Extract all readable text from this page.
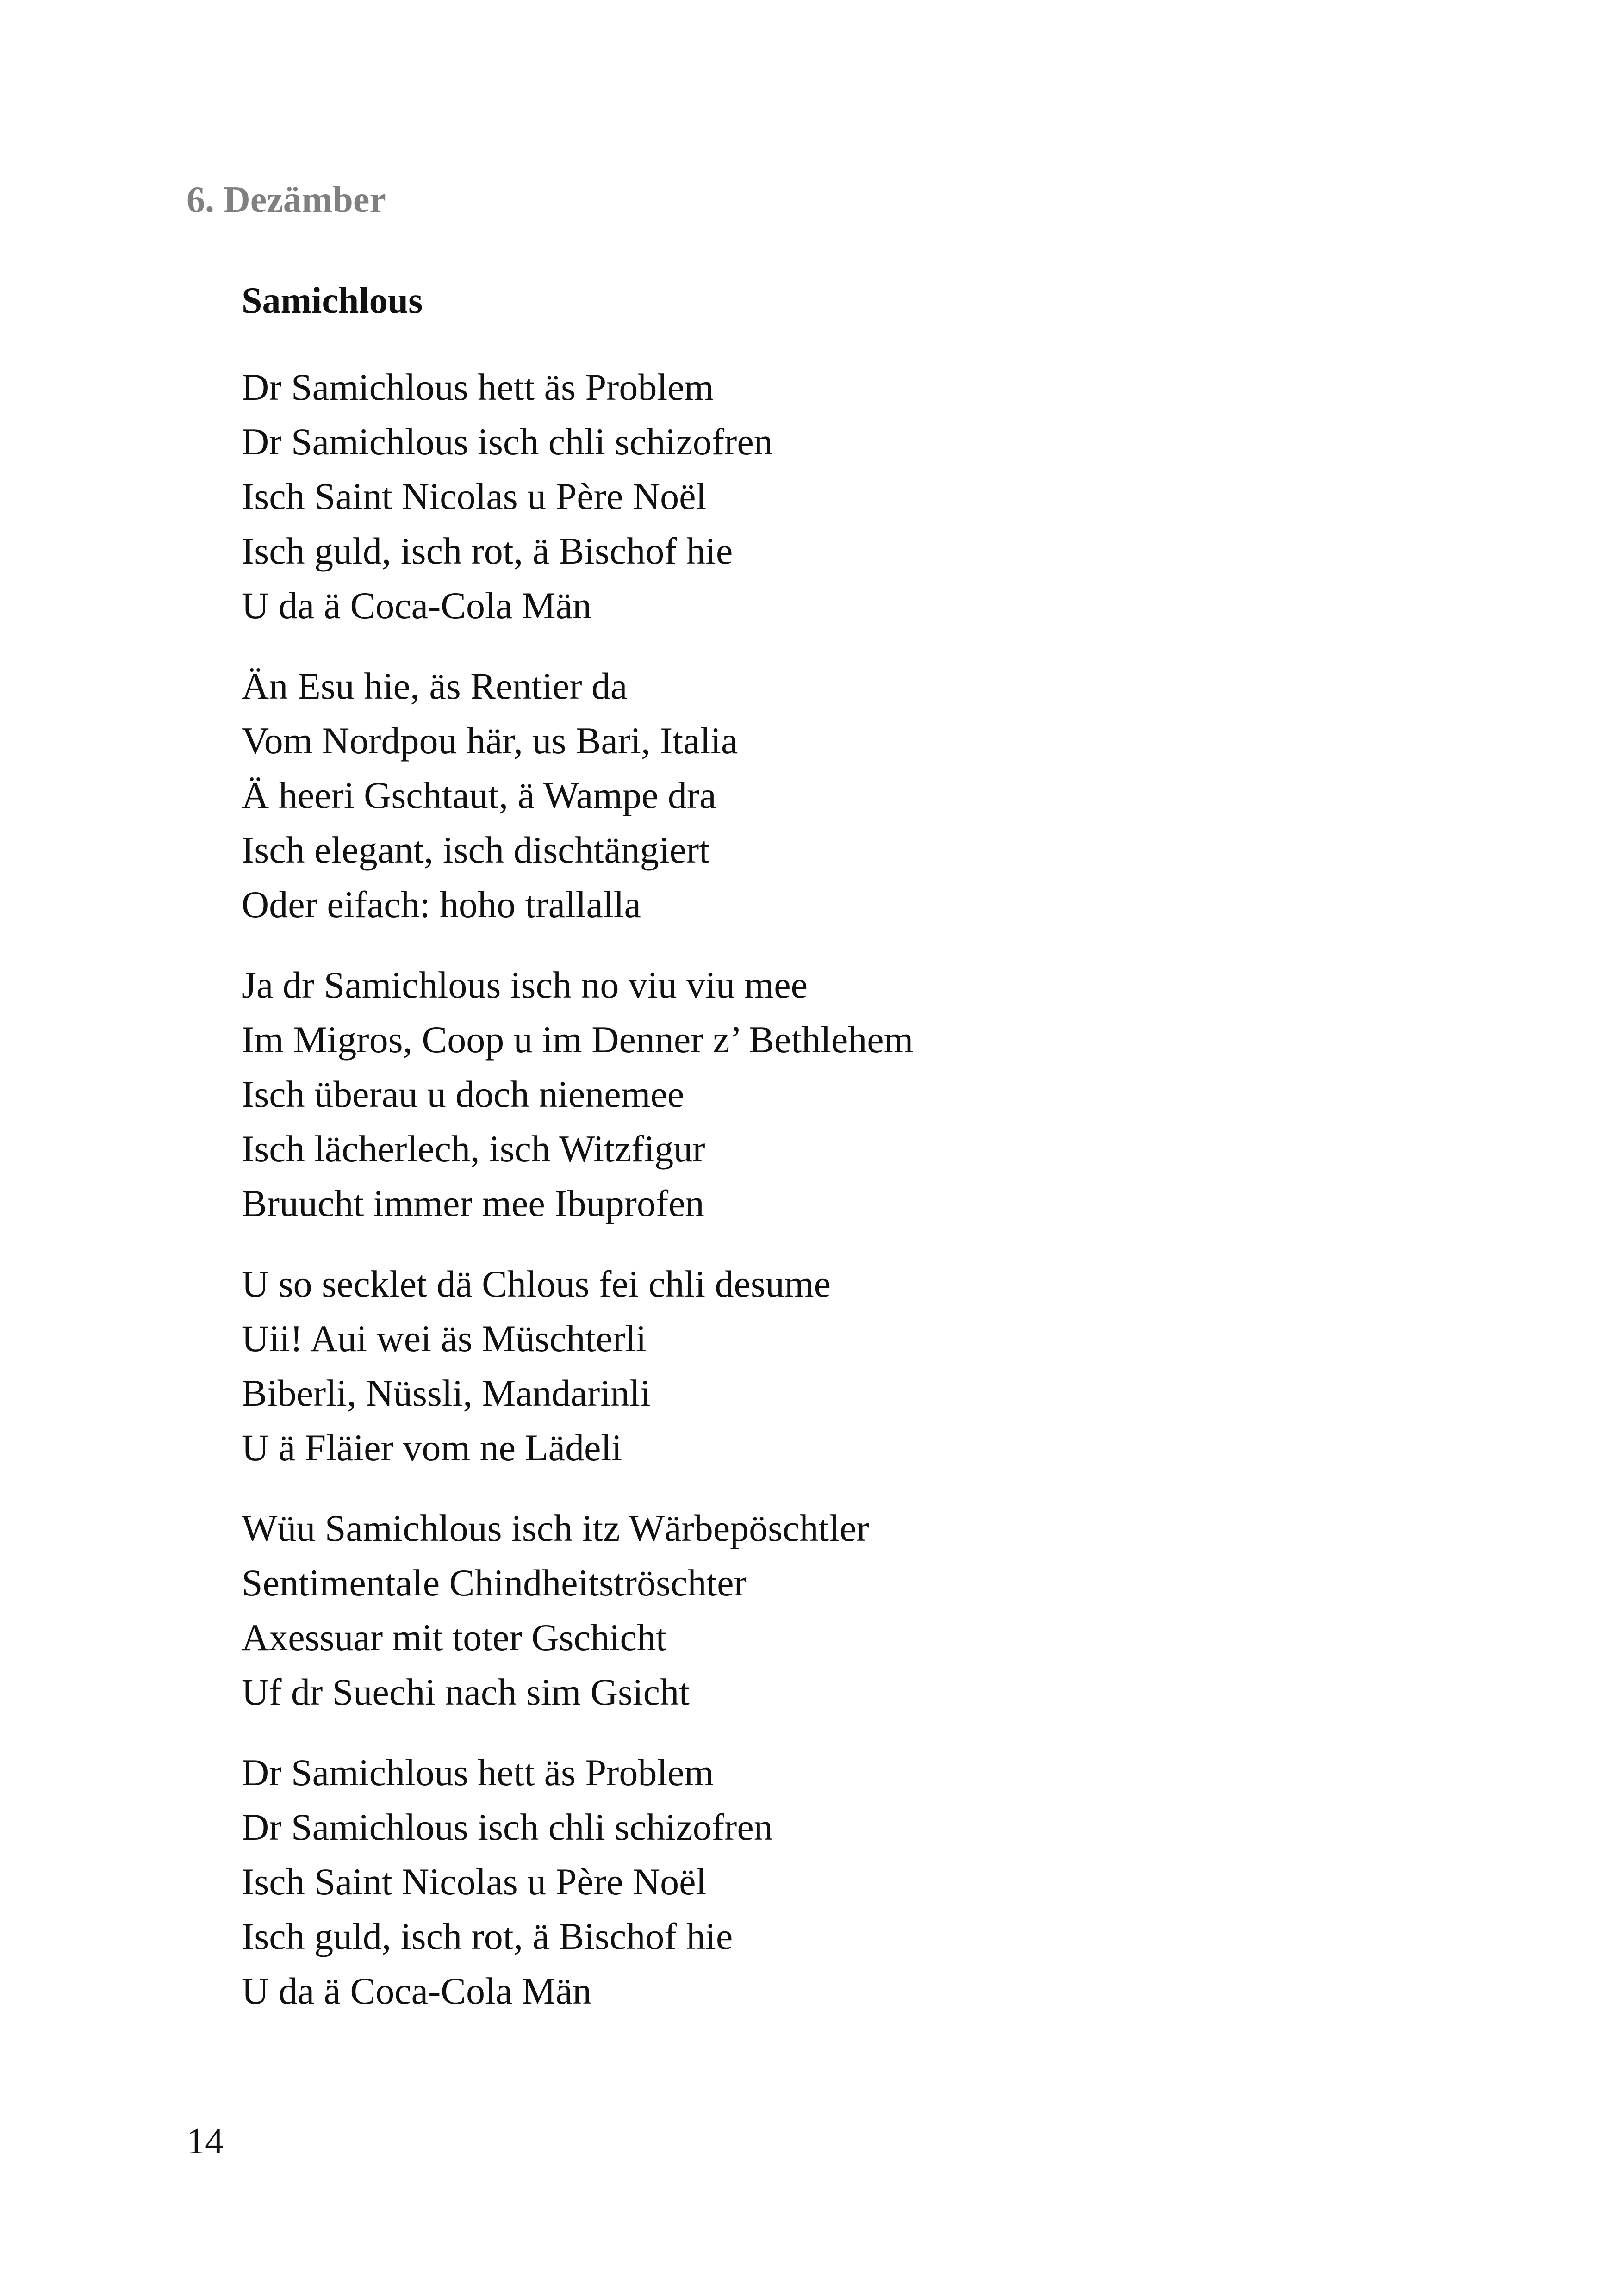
6. Dezämber
Samichlous
Dr Samichlous hett äs Problem
Dr Samichlous isch chli schizofren
Isch Saint Nicolas u Père Noël
Isch guld, isch rot, ä Bischof hie
U da ä Coca-Cola Män
Än Esu hie, äs Rentier da
Vom Nordpou här, us Bari, Italia
Ä heeri Gschtaut, ä Wampe dra
Isch elegant, isch dischtängiert
Oder eifach: hoho trallalla
Ja dr Samichlous isch no viu viu mee
Im Migros, Coop u im Denner z’ Bethlehem
Isch überau u doch nienemee
Isch lächerlech, isch Witzfigur
Bruucht immer mee Ibuprofen
U so secklet dä Chlous fei chli desume
Uii! Aui wei äs Müschterli
Biberli, Nüssli, Mandarinli
U ä Fläier vom ne Lädeli
Wüu Samichlous isch itz Wärbepöschtler
Sentimentale Chindheitströschter
Axessuar mit toter Gschicht
Uf dr Suechi nach sim Gsicht
Dr Samichlous hett äs Problem
Dr Samichlous isch chli schizofren
Isch Saint Nicolas u Père Noël
Isch guld, isch rot, ä Bischof hie
U da ä Coca-Cola Män
14
